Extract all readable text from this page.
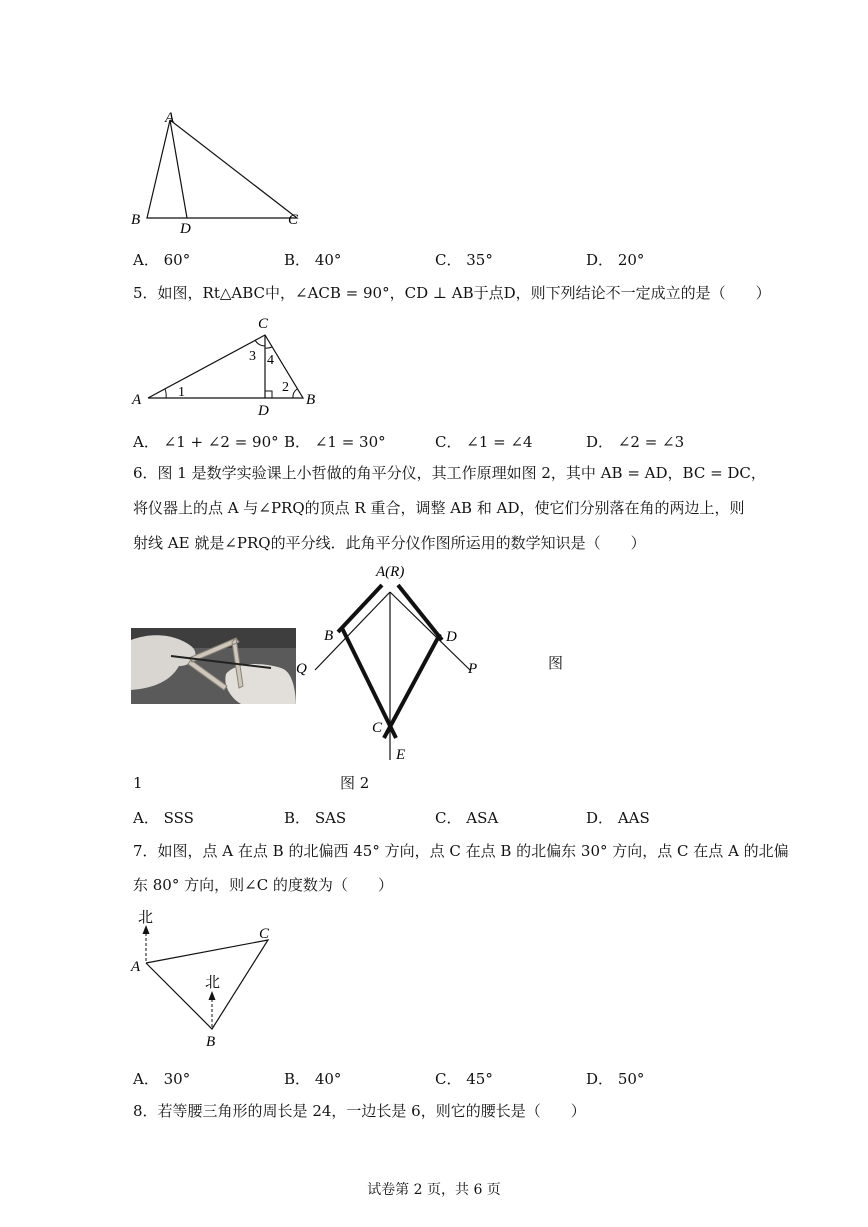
A
B
D
C
A． 60°	B． 40°	C． 35°	D． 20°
5．如图，Rt△ABC中，∠ACB = 90°，CD ⊥ AB于点D，则下列结论不一定成立的是（　　）
C
3 4
1	2
A
D
B
A． ∠1 + ∠2 = 90° B． ∠1 = 30°	C． ∠1 = ∠4	D． ∠2 = ∠3
6．图 1 是数学实验课上小哲做的角平分仪，其工作原理如图 2，其中 AB = AD，BC = DC，
将仪器上的点 A 与∠PRQ的顶点 R 重合，调整 AB 和 AD，使它们分别落在角的两边上，则
射线 AE 就是∠PRQ的平分线．此角平分仪作图所运用的数学知识是（　　）
A(R)
B	D
Q	P
C
E
图
1	图 2
A． SSS	B． SAS	C． ASA	D． AAS
7．如图，点 A 在点 B 的北偏西 45° 方向，点 C 在点 B 的北偏东 30° 方向，点 C 在点 A 的北偏
东 80° 方向，则∠C 的度数为（　　）
北
北
A
C
B
A． 30°	B． 40°	C． 45°	D． 50°
8．若等腰三角形的周长是 24，一边长是 6，则它的腰长是（　　）
试卷第 2 页，共 6 页
